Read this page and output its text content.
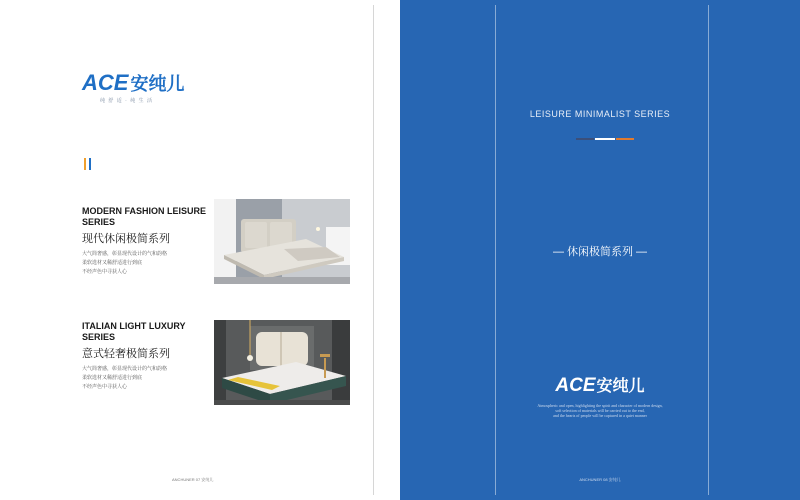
ACE 安纯儿
纯 舒 适 · 纯 生 活
MODERN FASHION LEISURE SERIES
现代休闲极简系列
大气简奢感，彰显现代设计的气和韵格
柔软选材又稀舒适进行到底
不经声色中寻获人心
ITALIAN LIGHT LUXURY SERIES
意式轻奢极简系列
大气简奢感，彰显现代设计的气和韵格
柔软选材又稀舒适进行到底
不经声色中寻获人心
ANCHUNER 07 安纯儿
LEISURE MINIMALIST SERIES
— 休闲极简系列 —
ACE安纯儿
Atmospheric and open, highlighting the spirit and character of modern design,
soft selection of materials will be carried out to the end,
and the hearts of people will be captured in a quiet manner
ANCHUNER 08 安纯儿
